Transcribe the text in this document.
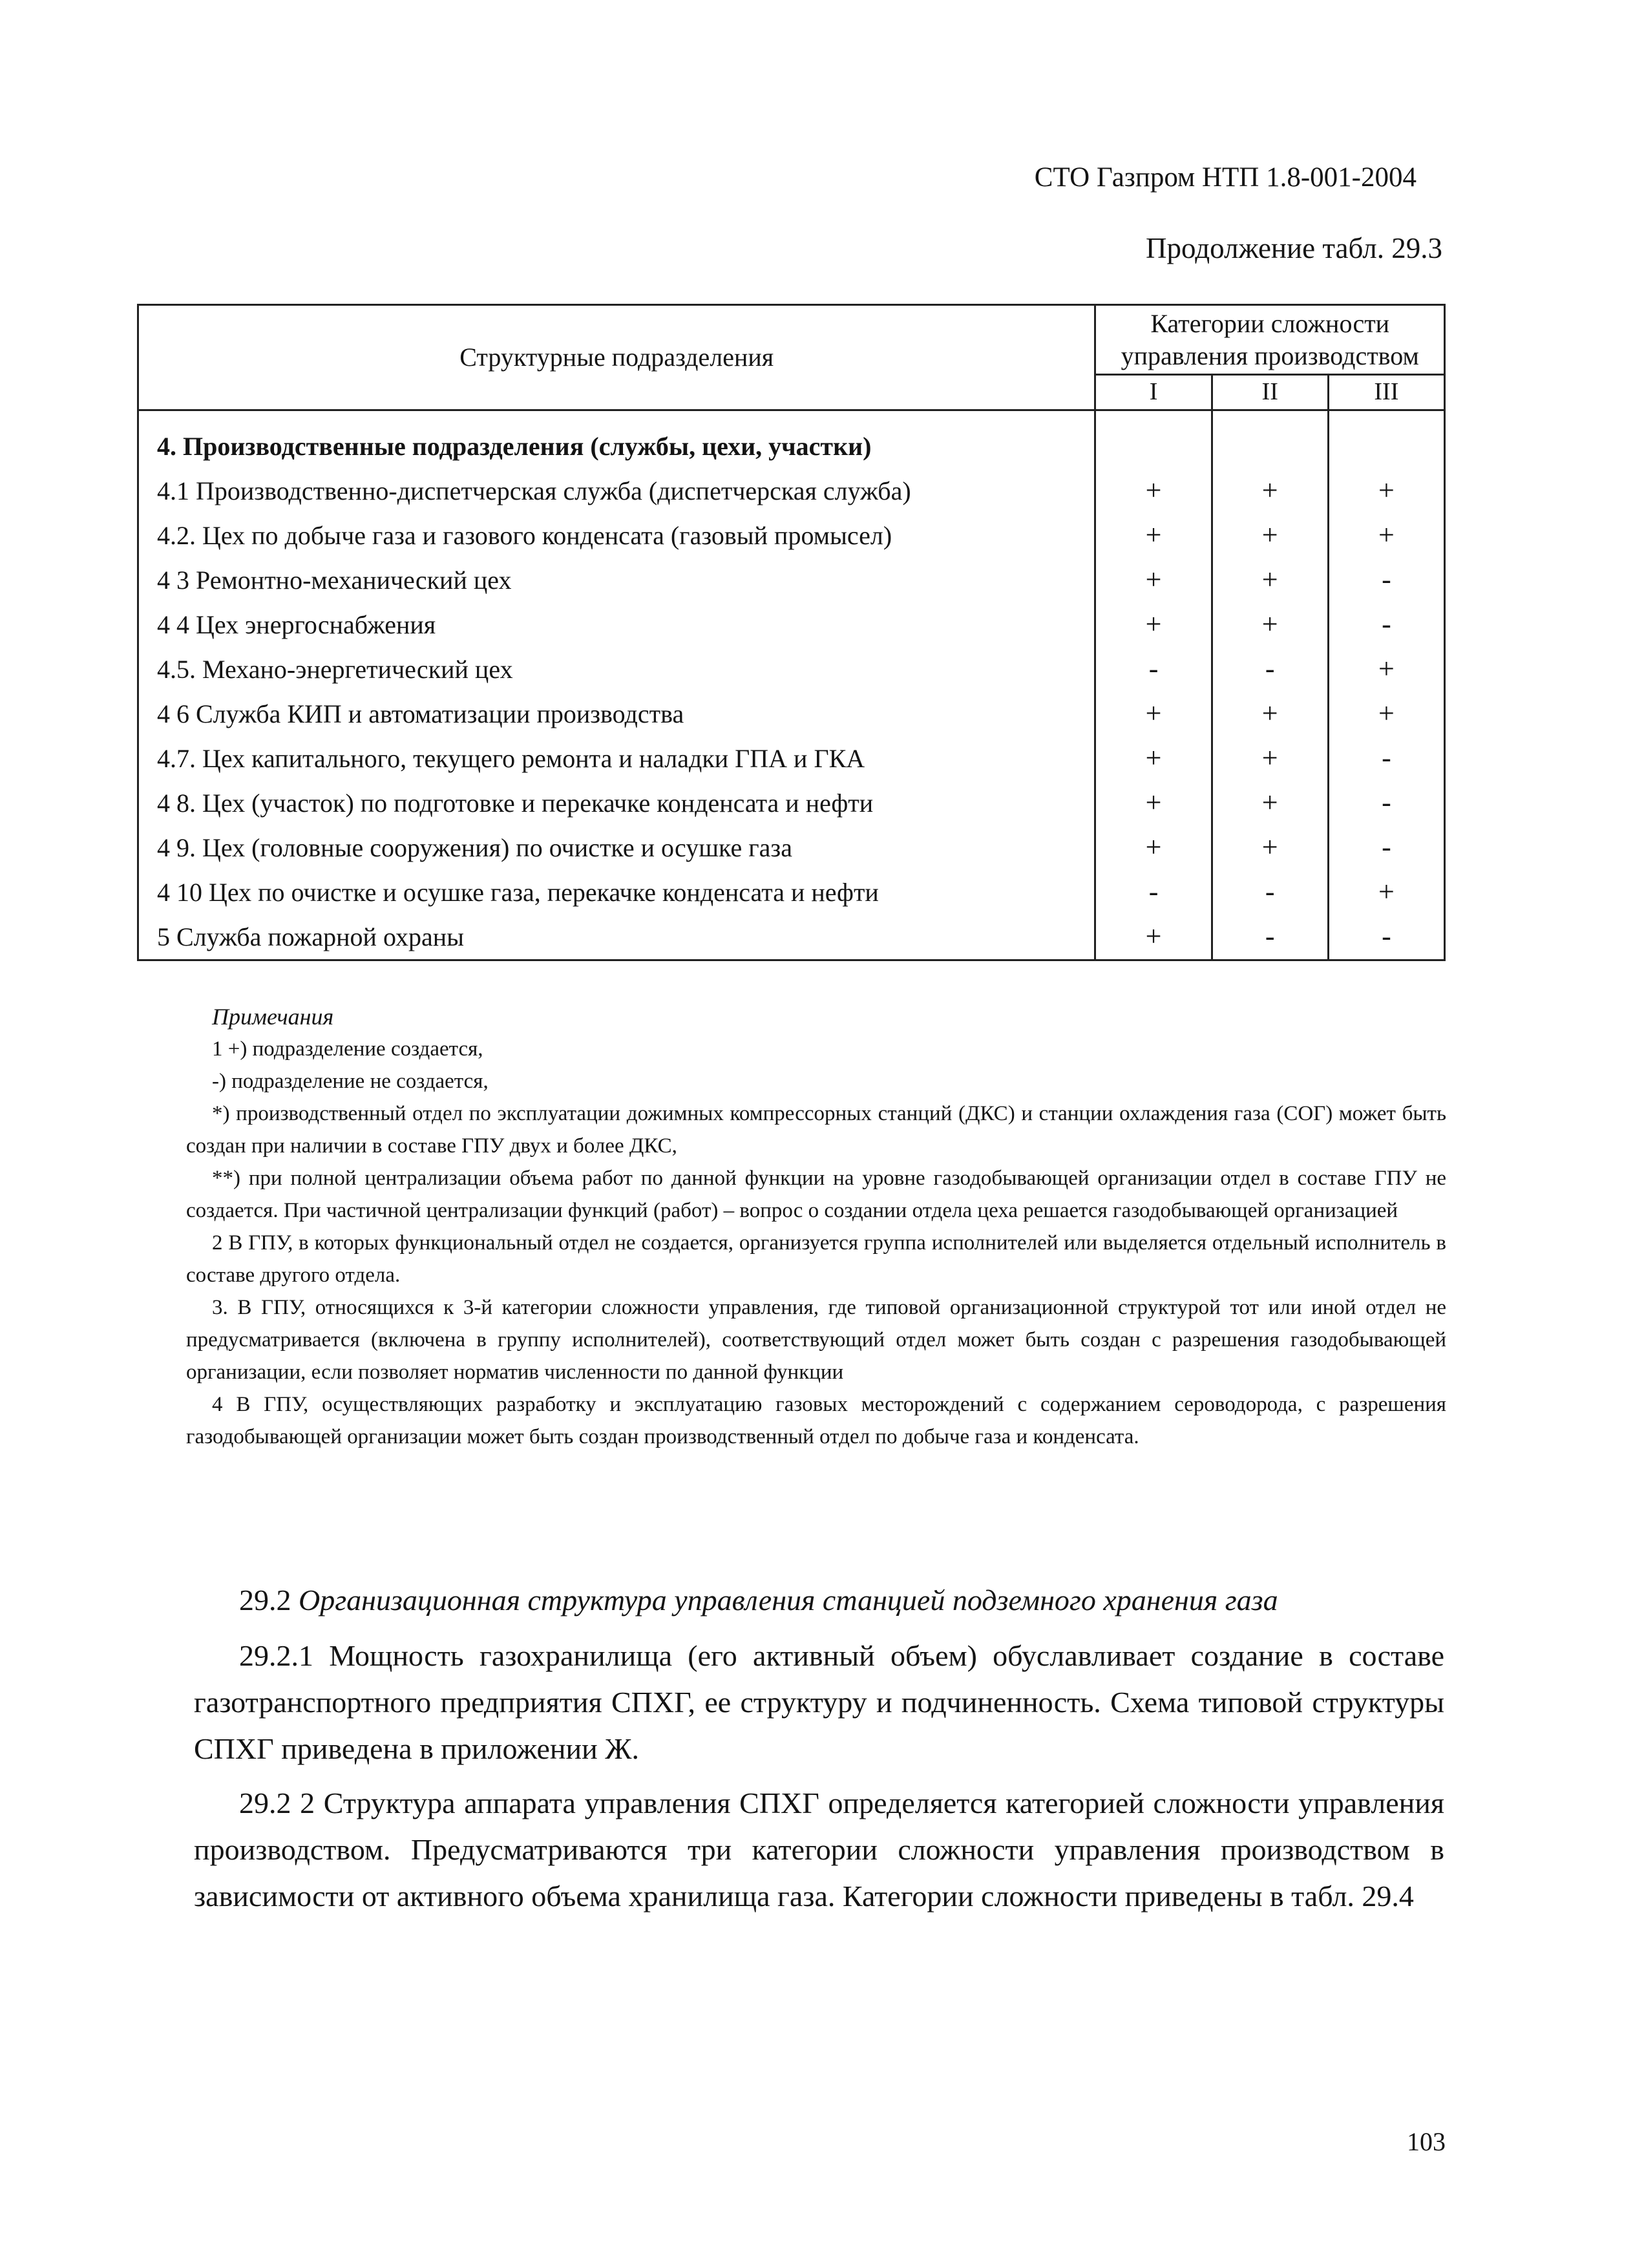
СТО Газпром НТП 1.8-001-2004
Продолжение табл. 29.3
Структурные подразделения	Категории сложности управления производством		
	I	II	III

4. Производственные подразделения (службы, цехи, участки)			
4.1 Производственно-диспетчерская служба (диспетчерская служба)	+	+	+
4.2. Цех по добыче газа и газового конденсата (газовый промысел)	+	+	+
4 3 Ремонтно-механический цех	+	+	-
4 4 Цех энергоснабжения	+	+	-
4.5. Механо-энергетический цех	-	-	+
4 6 Служба КИП и автоматизации производства	+	+	+
4.7. Цех капитального, текущего ремонта и наладки ГПА и ГКА	+	+	-
4 8. Цех (участок) по подготовке и перекачке конденсата и нефти	+	+	-
4 9. Цех (головные сооружения) по очистке и осушке газа	+	+	-
4 10 Цех по очистке и осушке газа, перекачке конденсата и нефти	-	-	+
5 Служба пожарной охраны	+	-	-
Примечания

1 +) подразделение создается,

-) подразделение не создается,

*) производственный отдел по эксплуатации дожимных компрессорных станций (ДКС) и станции охлаждения газа (СОГ) может быть создан при наличии в составе ГПУ двух и более ДКС,

**) при полной централизации объема работ по данной функции на уровне газодобывающей организации отдел в составе ГПУ не создается. При частичной централизации функций (работ) – вопрос о создании отдела цеха решается газодобывающей организацией

2 В ГПУ, в которых функциональный отдел не создается, организуется группа исполнителей или выделяется отдельный исполнитель в составе другого отдела.

3. В ГПУ, относящихся к 3-й категории сложности управления, где типовой организационной структурой тот или иной отдел не предусматривается (включена в группу исполнителей), соответствующий отдел может быть создан с разрешения газодобывающей организации, если позволяет норматив численности по данной функции

4 В ГПУ, осуществляющих разработку и эксплуатацию газовых месторождений с содержанием сероводорода, с разрешения газодобывающей организации может быть создан производственный отдел по добыче газа и конденсата.

29.2 Организационная структура управления станцией подземного хранения газа

29.2.1 Мощность газохранилища (его активный объем) обуславливает создание в составе газотранспортного предприятия СПХГ, ее структуру и подчиненность. Схема типовой структуры СПХГ приведена в приложении Ж.

29.2 2 Структура аппарата управления СПХГ определяется категорией сложности управления производством. Предусматриваются три категории сложности управления производством в зависимости от активного объема хранилища газа. Категории сложности приведены в табл. 29.4

103
